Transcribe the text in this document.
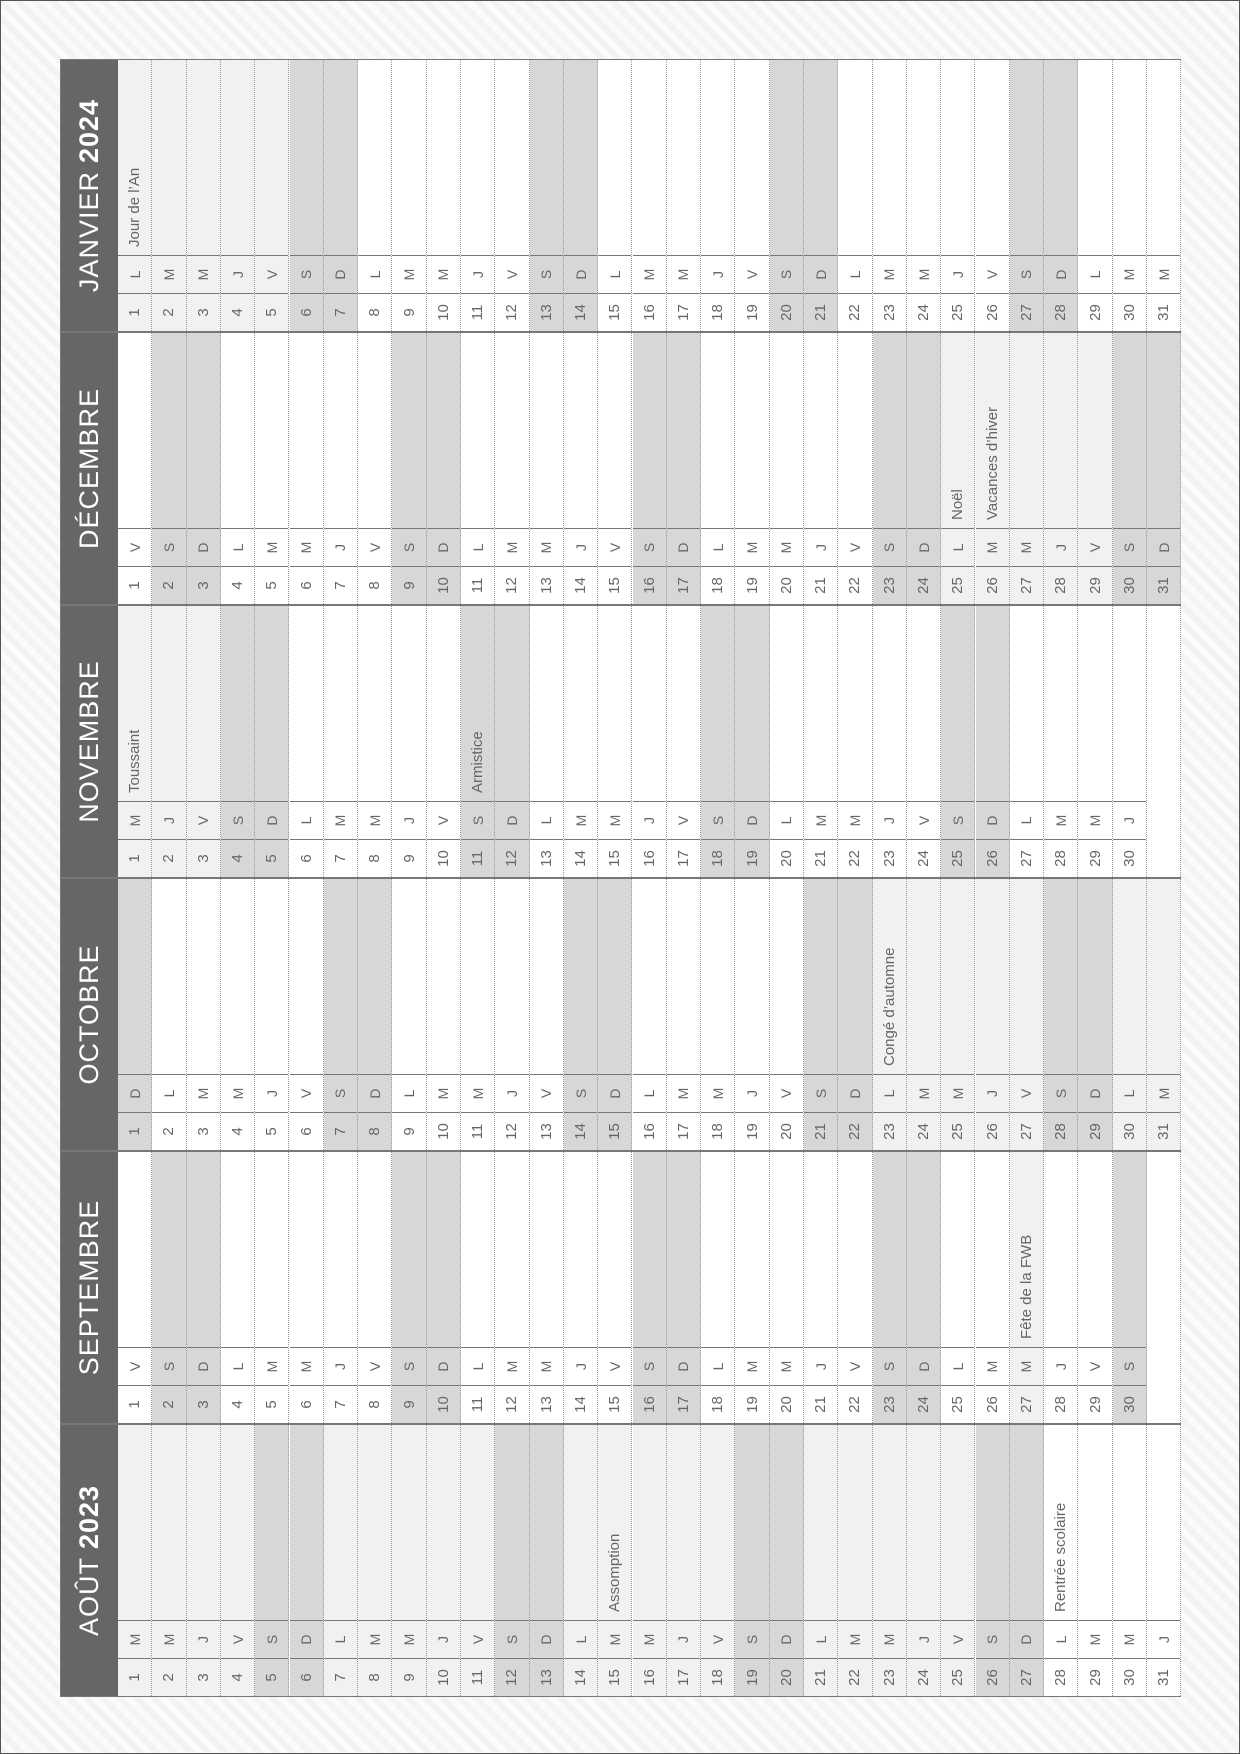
AOÛT
2023
1
M
2
M
3
J
4
V
5
S
6
D
7
L
8
M
9
M
10
J
11
V
12
S
13
D
14
L
15
M
Assomption
16
M
17
J
18
V
19
S
20
D
21
L
22
M
23
M
24
J
25
V
26
S
27
D
28
L
Rentrée scolaire
29
M
30
M
31
J
SEPTEMBRE
1
V
2
S
3
D
4
L
5
M
6
M
7
J
8
V
9
S
10
D
11
L
12
M
13
M
14
J
15
V
16
S
17
D
18
L
19
M
20
M
21
J
22
V
23
S
24
D
25
L
26
M
27
M
Fête de la FWB
28
J
29
V
30
S
OCTOBRE
1
D
2
L
3
M
4
M
5
J
6
V
7
S
8
D
9
L
10
M
11
M
12
J
13
V
14
S
15
D
16
L
17
M
18
M
19
J
20
V
21
S
22
D
23
L
Congé d’automne
24
M
25
M
26
J
27
V
28
S
29
D
30
L
31
M
NOVEMBRE
1
M
Toussaint
2
J
3
V
4
S
5
D
6
L
7
M
8
M
9
J
10
V
11
S
Armistice
12
D
13
L
14
M
15
M
16
J
17
V
18
S
19
D
20
L
21
M
22
M
23
J
24
V
25
S
26
D
27
L
28
M
29
M
30
J
DÉCEMBRE
1
V
2
S
3
D
4
L
5
M
6
M
7
J
8
V
9
S
10
D
11
L
12
M
13
M
14
J
15
V
16
S
17
D
18
L
19
M
20
M
21
J
22
V
23
S
24
D
25
L
Noël
26
M
Vacances d’hiver
27
M
28
J
29
V
30
S
31
D
JANVIER
2024
1
L
Jour de l’An
2
M
3
M
4
J
5
V
6
S
7
D
8
L
9
M
10
M
11
J
12
V
13
S
14
D
15
L
16
M
17
M
18
J
19
V
20
S
21
D
22
L
23
M
24
M
25
J
26
V
27
S
28
D
29
L
30
M
31
M
